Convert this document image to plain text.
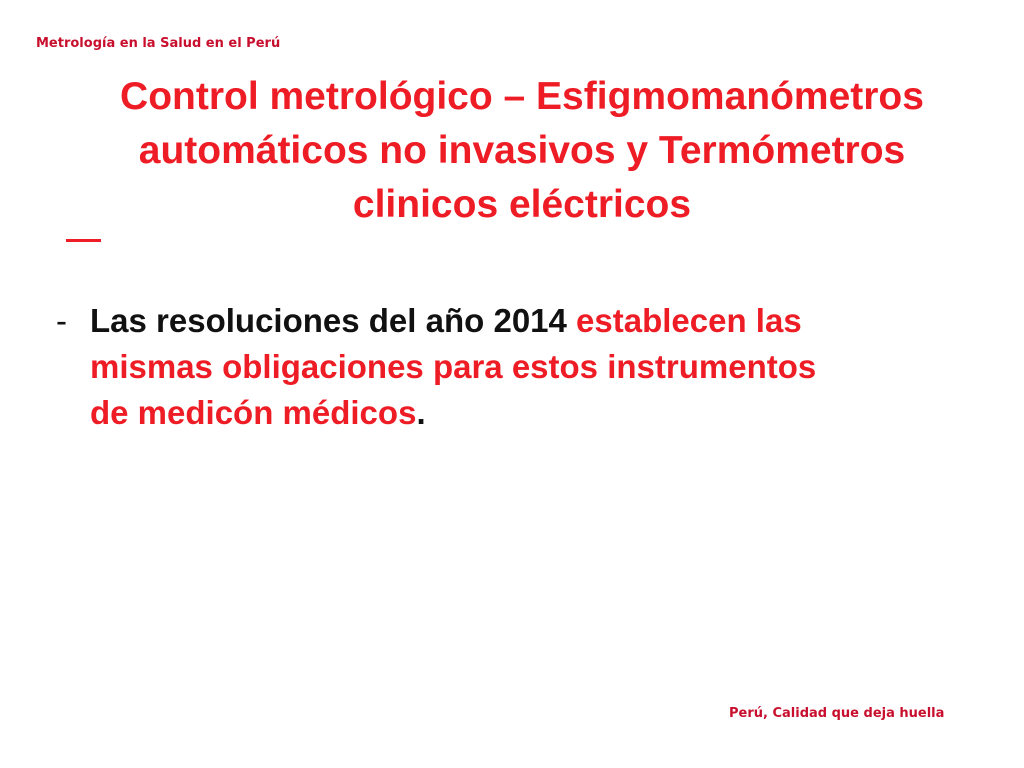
Metrología en la Salud en el Perú
Control metrológico – Esfigmomanómetros
automáticos no invasivos y Termómetros
clinicos eléctricos
- Las resoluciones del año 2014 establecen las
mismas obligaciones para estos instrumentos
de medicón médicos.
Perú, Calidad que deja huella
